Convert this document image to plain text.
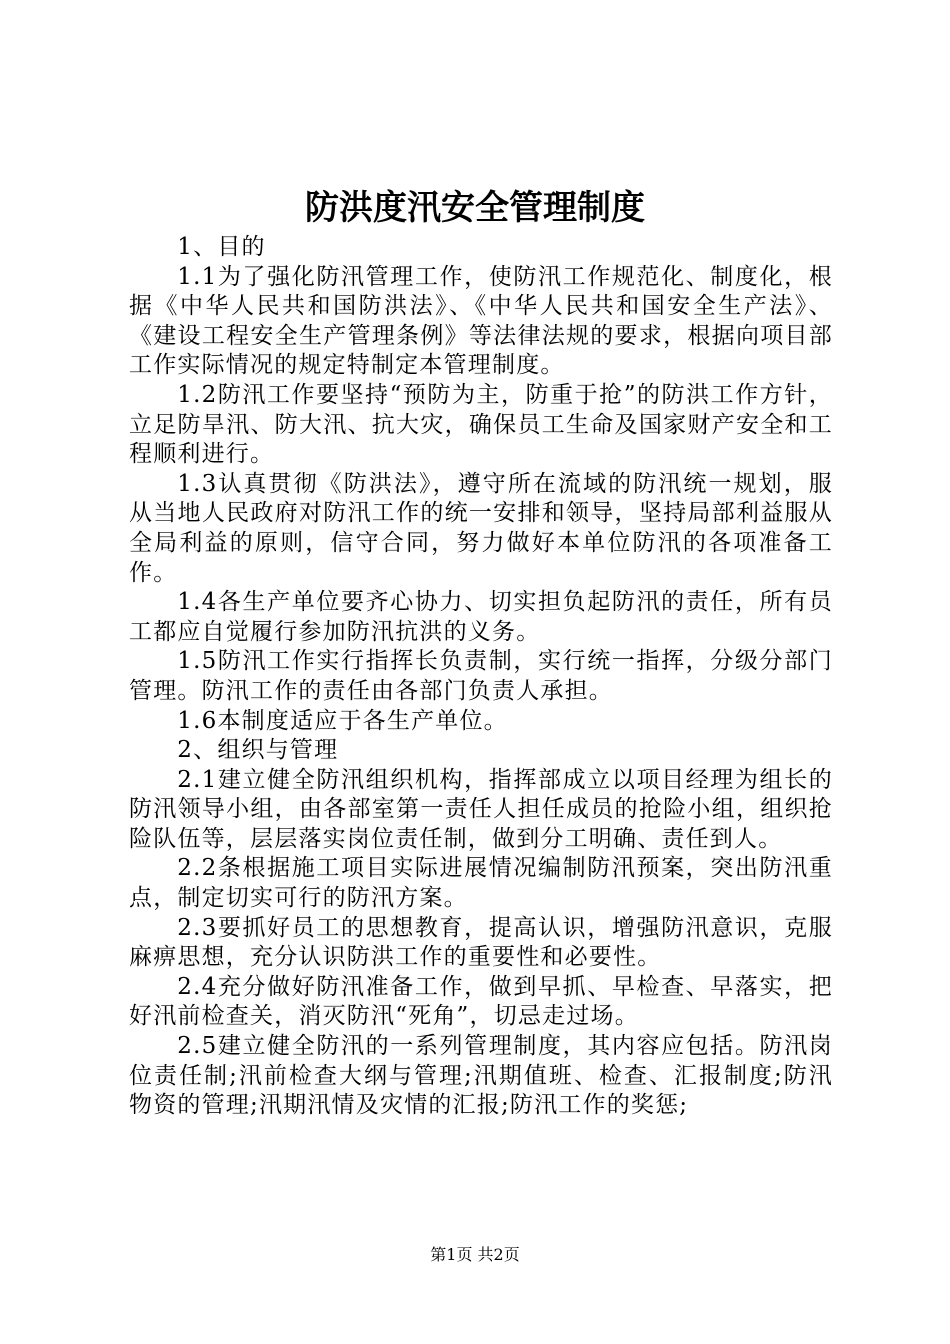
防洪度汛安全管理制度

1、目的

1.1为了强化防汛管理工作，使防汛工作规范化、制度化，根据《中华人民共和国防洪法》、《中华人民共和国安全生产法》、《建设工程安全生产管理条例》等法律法规的要求，根据向项目部工作实际情况的规定特制定本管理制度。

1.2防汛工作要坚持“预防为主，防重于抢”的防洪工作方针，立足防旱汛、防大汛、抗大灾，确保员工生命及国家财产安全和工程顺利进行。

1.3认真贯彻《防洪法》，遵守所在流域的防汛统一规划，服从当地人民政府对防汛工作的统一安排和领导，坚持局部利益服从全局利益的原则，信守合同，努力做好本单位防汛的各项准备工作。

1.4各生产单位要齐心协力、切实担负起防汛的责任，所有员工都应自觉履行参加防汛抗洪的义务。

1.5防汛工作实行指挥长负责制，实行统一指挥，分级分部门管理。防汛工作的责任由各部门负责人承担。

1.6本制度适应于各生产单位。

2、组织与管理

2.1建立健全防汛组织机构，指挥部成立以项目经理为组长的防汛领导小组，由各部室第一责任人担任成员的抢险小组，组织抢险队伍等，层层落实岗位责任制，做到分工明确、责任到人。

2.2条根据施工项目实际进展情况编制防汛预案，突出防汛重点，制定切实可行的防汛方案。

2.3要抓好员工的思想教育，提高认识，增强防汛意识，克服麻痹思想，充分认识防洪工作的重要性和必要性。

2.4充分做好防汛准备工作，做到早抓、早检查、早落实，把好汛前检查关，消灭防汛“死角”，切忌走过场。

2.5建立健全防汛的一系列管理制度，其内容应包括。防汛岗位责任制;汛前检查大纲与管理;汛期值班、检查、汇报制度;防汛物资的管理;汛期汛情及灾情的汇报;防汛工作的奖惩;

第1页 共2页
